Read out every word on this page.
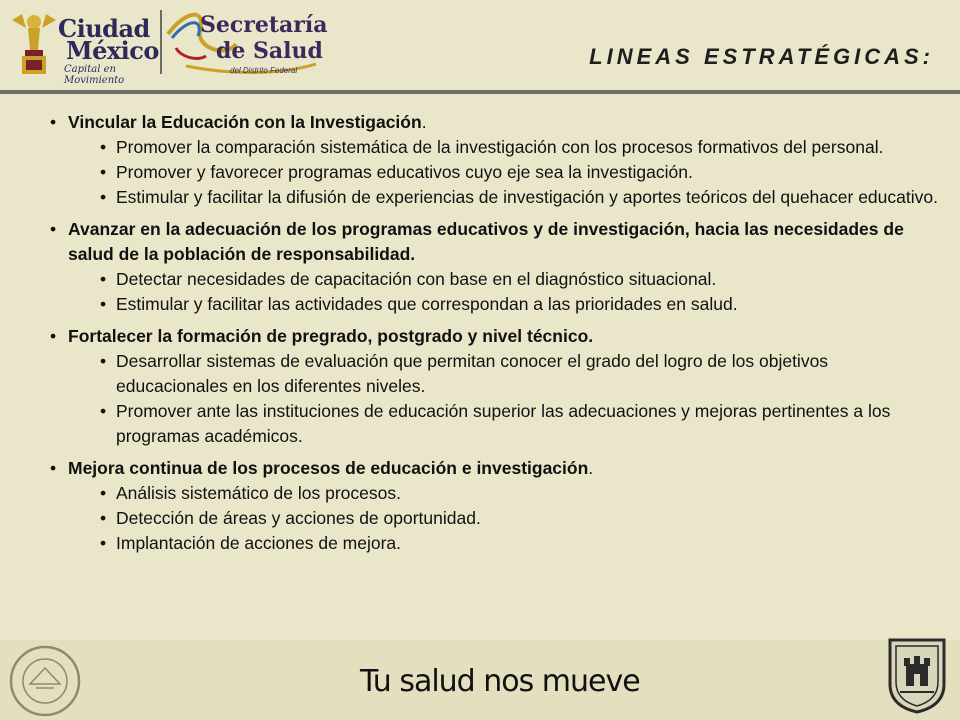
Ciudad
México
Capital en Movimiento
Secretaría
de Salud
del Distrito Federal
LINEAS ESTRATÉGICAS:
• Vincular la Educación con la Investigación.
• Promover la comparación sistemática de la investigación con los procesos formativos del personal.
• Promover y favorecer programas educativos cuyo eje sea la investigación.
• Estimular y facilitar la difusión de experiencias de investigación y aportes teóricos del quehacer educativo.
• Avanzar en la adecuación de los programas educativos y de investigación, hacia las necesidades de salud de la población de responsabilidad.
• Detectar necesidades de capacitación con base en el diagnóstico situacional.
• Estimular y facilitar las actividades que correspondan a las prioridades en salud.
• Fortalecer la formación de pregrado, postgrado y nivel técnico.
• Desarrollar sistemas de evaluación que permitan conocer el grado del logro de los objetivos educacionales en los diferentes niveles.
• Promover ante las instituciones de educación superior las adecuaciones y mejoras pertinentes a los programas académicos.
• Mejora continua de los procesos de educación e investigación.
• Análisis sistemático de los procesos.
• Detección de áreas y acciones de oportunidad.
• Implantación de acciones de mejora.
Tu salud nos mueve
